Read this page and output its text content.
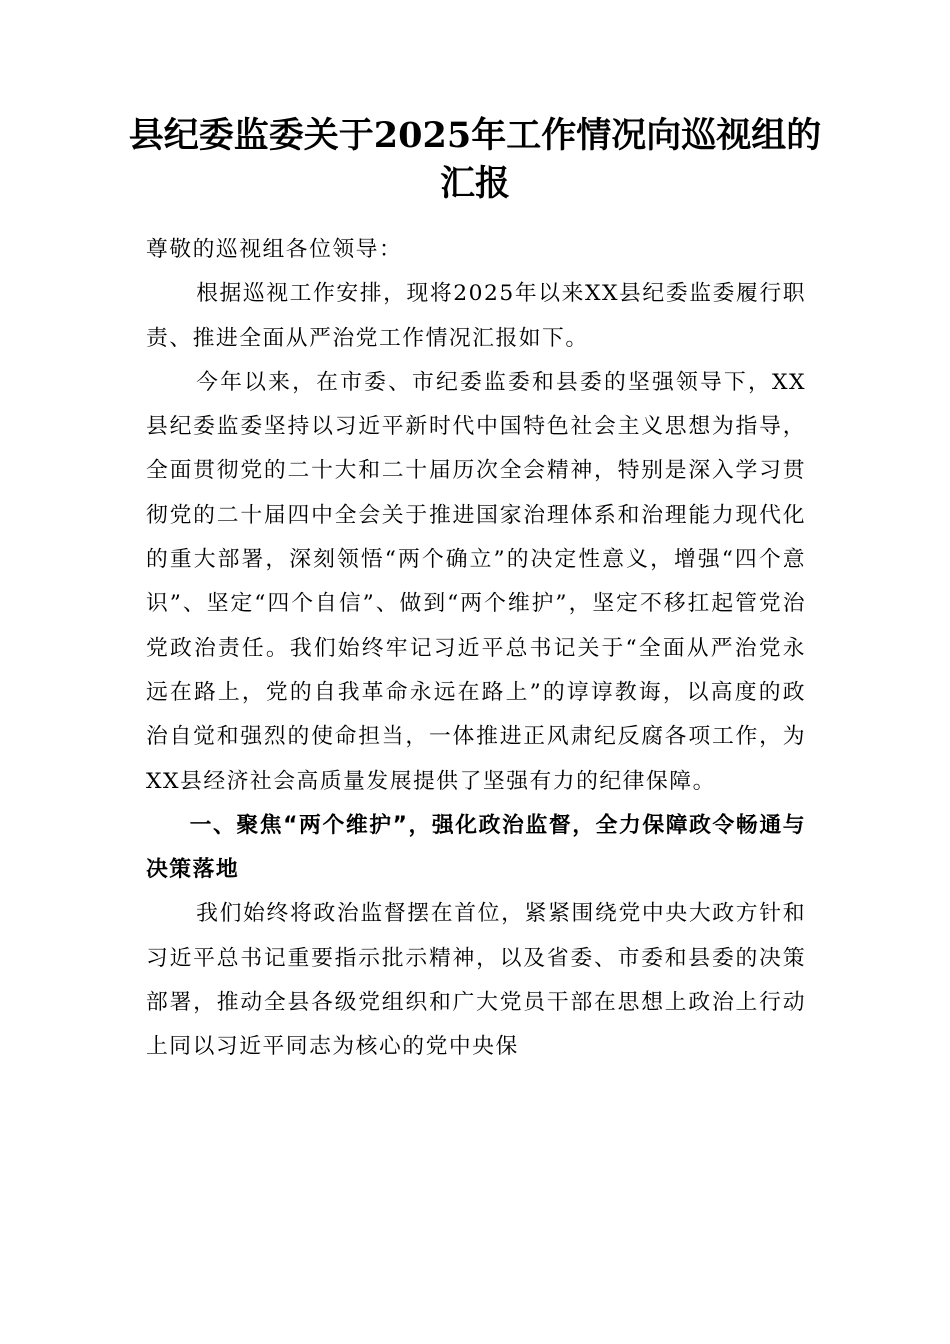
县纪委监委关于2025年工作情况向巡视组的汇报

尊敬的巡视组各位领导：

根据巡视工作安排，现将2025年以来XX县纪委监委履行职责、推进全面从严治党工作情况汇报如下。

今年以来，在市委、市纪委监委和县委的坚强领导下，XX县纪委监委坚持以习近平新时代中国特色社会主义思想为指导，全面贯彻党的二十大和二十届历次全会精神，特别是深入学习贯彻党的二十届四中全会关于推进国家治理体系和治理能力现代化的重大部署，深刻领悟“两个确立”的决定性意义，增强“四个意识”、坚定“四个自信”、做到“两个维护”，坚定不移扛起管党治党政治责任。我们始终牢记习近平总书记关于“全面从严治党永远在路上，党的自我革命永远在路上”的谆谆教诲，以高度的政治自觉和强烈的使命担当，一体推进正风肃纪反腐各项工作，为XX县经济社会高质量发展提供了坚强有力的纪律保障。

一、聚焦“两个维护”，强化政治监督，全力保障政令畅通与决策落地

我们始终将政治监督摆在首位，紧紧围绕党中央大政方针和习近平总书记重要指示批示精神，以及省委、市委和县委的决策部署，推动全县各级党组织和广大党员干部在思想上政治上行动上同以习近平同志为核心的党中央保
